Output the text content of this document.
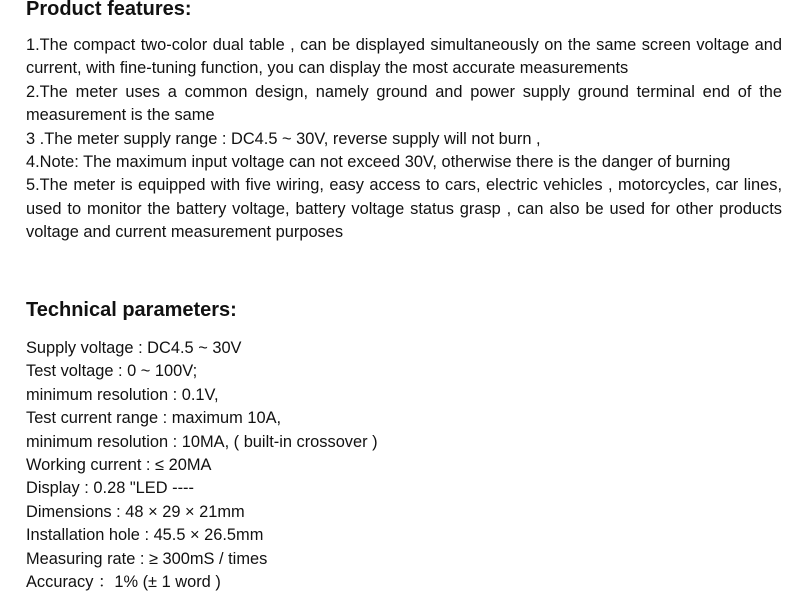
Product features:

1.The compact two-color dual table , can be displayed simultaneously on the same screen voltage and current, with fine-tuning function, you can display the most accurate measurements

2.The meter uses a common design, namely ground and power supply ground terminal end of the measurement is the same

3 .The meter supply range : DC4.5 ~ 30V, reverse supply will not burn ,

4.Note: The maximum input voltage can not exceed 30V, otherwise there is the danger of burning

5.The meter is equipped with five wiring, easy access to cars, electric vehicles , motorcycles, car lines, used to monitor the battery voltage, battery voltage status grasp , can also be used for other products voltage and current measurement purposes

Technical parameters:
Supply voltage : DC4.5 ~ 30V
Test voltage : 0 ~ 100V;
minimum resolution : 0.1V,
Test current range : maximum 10A,
minimum resolution : 10MA, ( built-in crossover )
Working current : ≤ 20MA
Display : 0.28 "LED ----
Dimensions : 48 × 29 × 21mm
Installation hole : 45.5 × 26.5mm
Measuring rate : ≥ 300mS / times
Accuracy ：1% (± 1 word )
